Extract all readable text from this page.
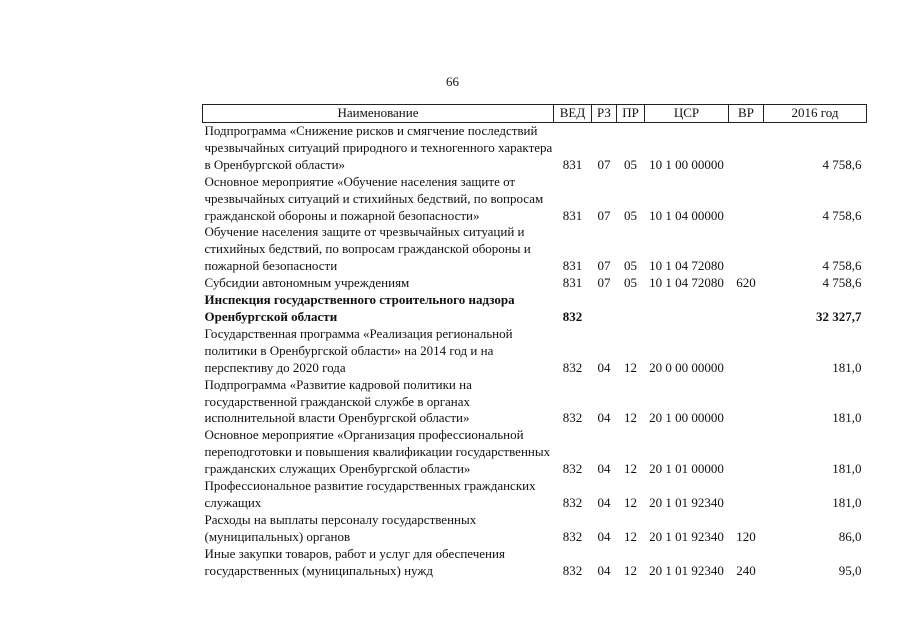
66
Наименование	ВЕД	РЗ	ПР	ЦСР	ВР	2016 год
Подпрограмма «Снижение рисков и смягчение последствий чрезвычайных ситуаций природного и техногенного характера в Оренбургской области»	831	07	05	10 1 00 00000		4 758,6
Основное мероприятие «Обучение населения защите от чрезвычайных ситуаций и стихийных бедствий, по вопросам гражданской обороны и пожарной безопасности»	831	07	05	10 1 04 00000		4 758,6
Обучение населения защите от чрезвычайных ситуаций и стихийных бедствий, по вопросам гражданской обороны и пожарной безопасности	831	07	05	10 1 04 72080		4 758,6
Субсидии автономным учреждениям	831	07	05	10 1 04 72080	620	4 758,6
Инспекция государственного строительного надзора Оренбургской области	832					32 327,7
Государственная программа «Реализация региональной политики в Оренбургской области» на 2014 год и на перспективу до 2020 года	832	04	12	20 0 00 00000		181,0
Подпрограмма «Развитие кадровой политики на государственной гражданской службе в органах исполнительной власти Оренбургской области»	832	04	12	20 1 00 00000		181,0
Основное мероприятие «Организация профессиональной переподготовки и повышения квалификации государственных гражданских служащих Оренбургской области»	832	04	12	20 1 01 00000		181,0
Профессиональное развитие государственных гражданских служащих	832	04	12	20 1 01 92340		181,0
Расходы на выплаты персоналу государственных (муниципальных) органов	832	04	12	20 1 01 92340	120	86,0
Иные закупки товаров, работ и услуг для обеспечения государственных (муниципальных) нужд	832	04	12	20 1 01 92340	240	95,0
